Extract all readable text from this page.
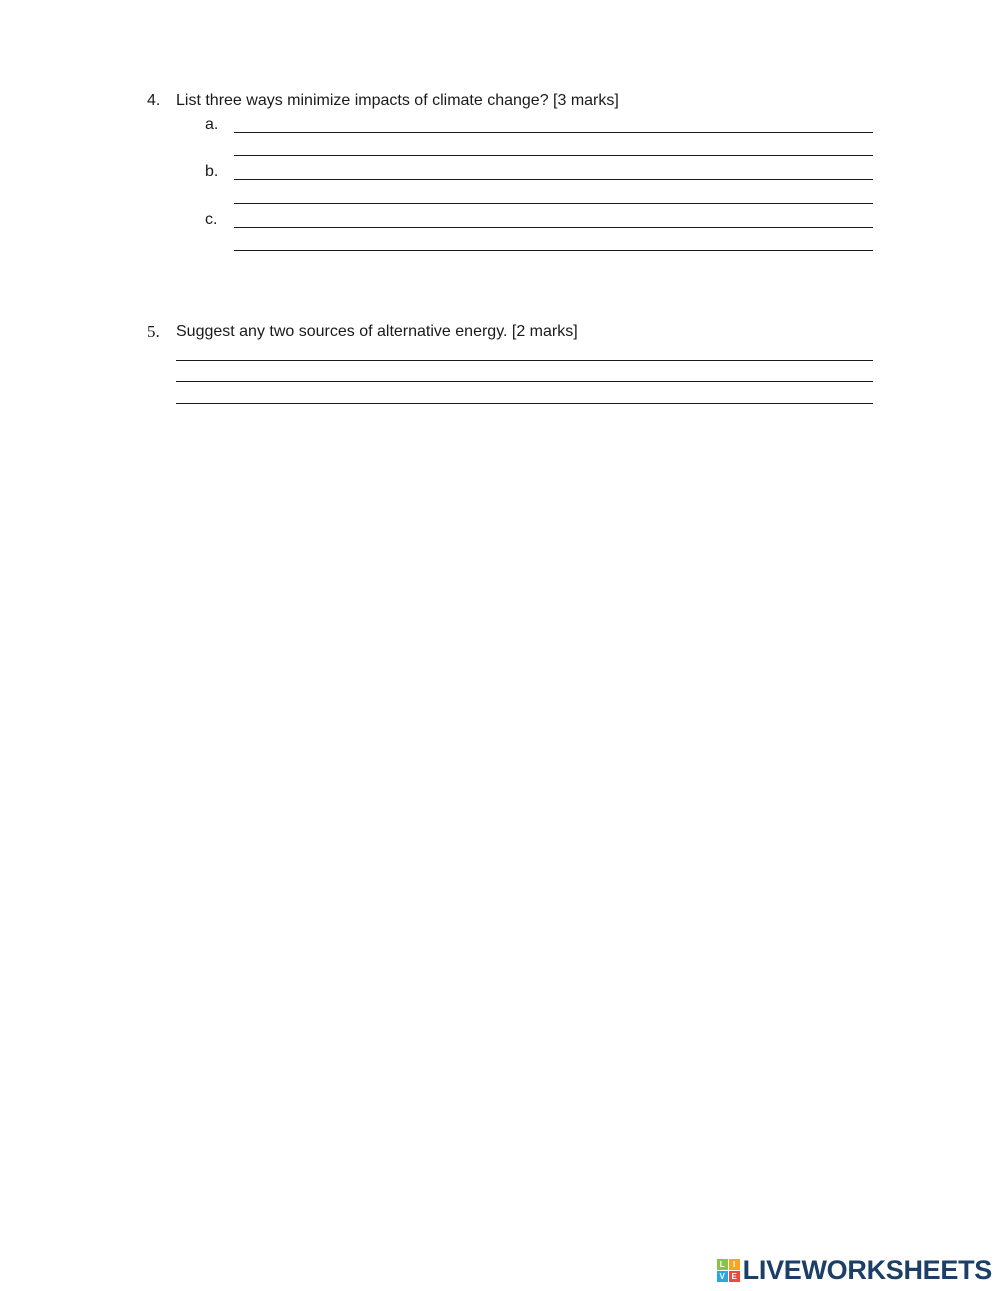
4. List three ways minimize impacts of climate change? [3 marks]
a.
b.
c.
5. Suggest any two sources of alternative energy. [2 marks]
L	I
V E LIVEWORKSHEETS
